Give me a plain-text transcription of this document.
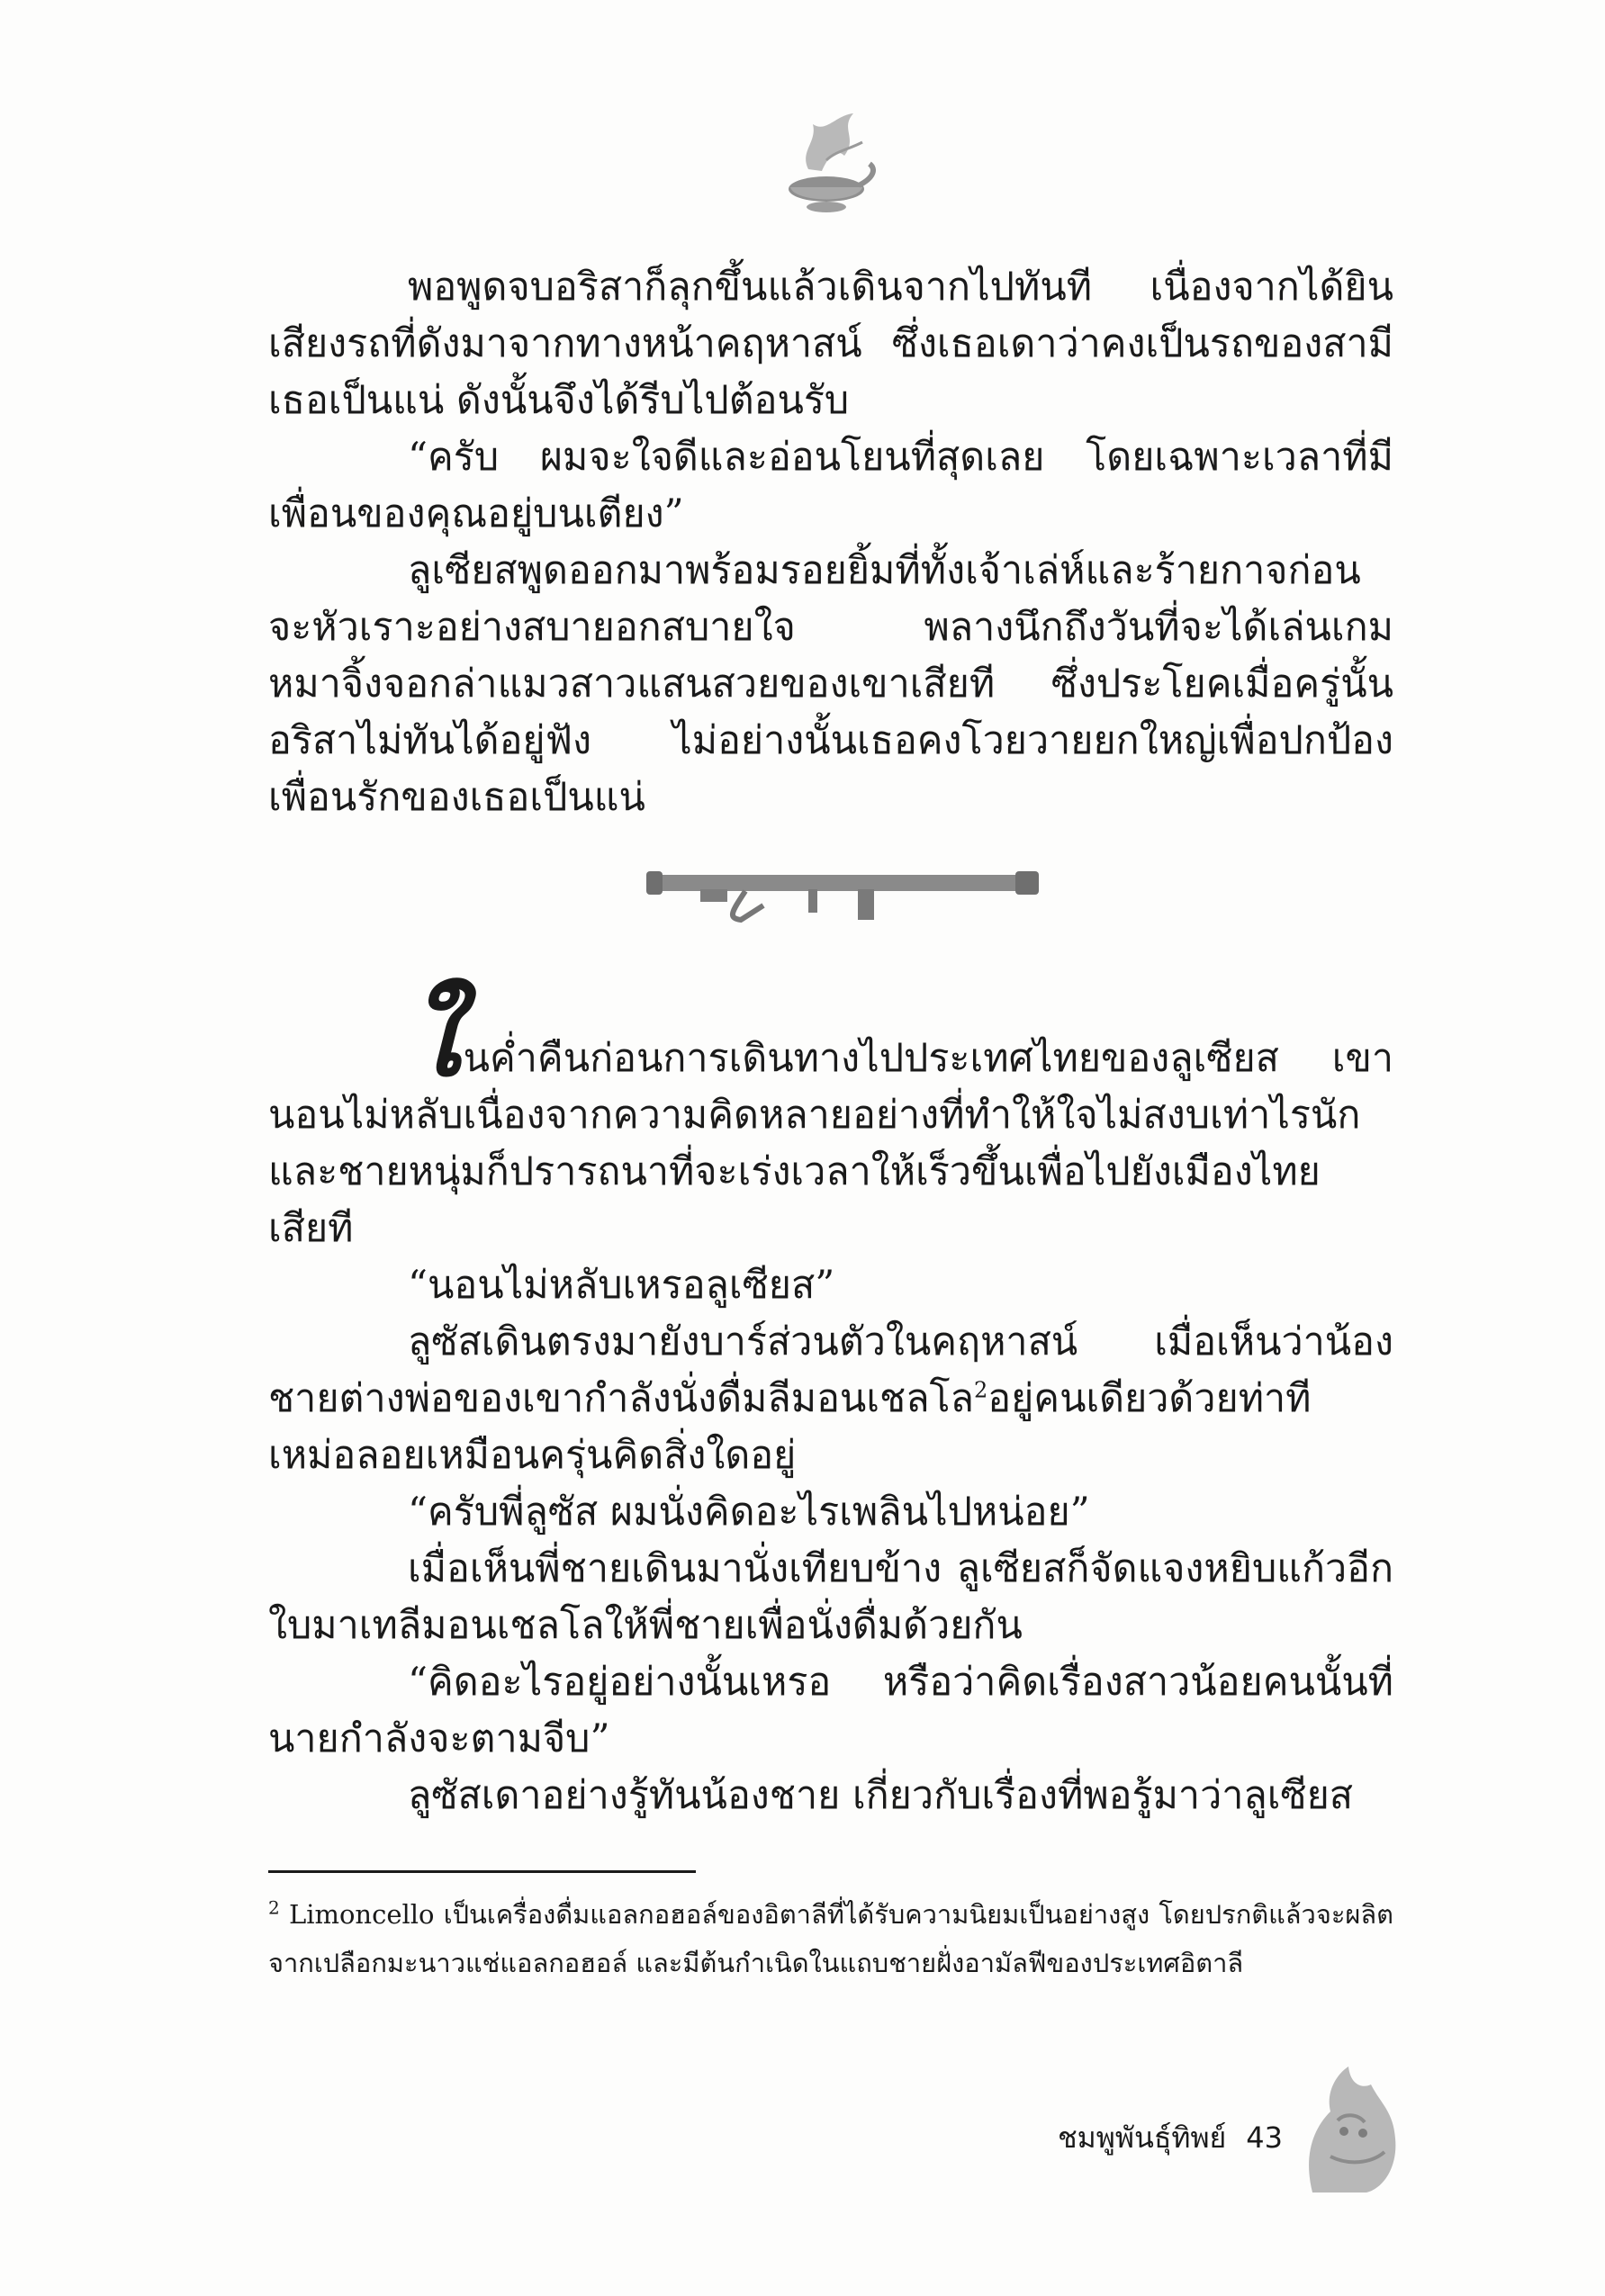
พอพูดจบอริสาก็ลุกขึ้นแล้วเดินจากไปทันที เนื่องจากได้ยินเสียงรถที่ดังมาจากทางหน้าคฤหาสน์ ซึ่งเธอเดาว่าคงเป็นรถของสามีเธอเป็นแน่ ดังนั้นจึงได้รีบไปต้อนรับ

“ครับ ผมจะใจดีและอ่อนโยนที่สุดเลย โดยเฉพาะเวลาที่มีเพื่อนของคุณอยู่บนเตียง”

ลูเซียสพูดออกมาพร้อมรอยยิ้มที่ทั้งเจ้าเล่ห์และร้ายกาจก่อนจะหัวเราะอย่างสบายอกสบายใจ พลางนึกถึงวันที่จะได้เล่นเกมหมาจิ้งจอกล่าแมวสาวแสนสวยของเขาเสียที ซึ่งประโยคเมื่อครู่นั้นอริสาไม่ทันได้อยู่ฟัง ไม่อย่างนั้นเธอคงโวยวายยกใหญ่เพื่อปกป้องเพื่อนรักของเธอเป็นแน่

ในค่ำคืนก่อนการเดินทางไปประเทศไทยของลูเซียส เขานอนไม่หลับเนื่องจากความคิดหลายอย่างที่ทำให้ใจไม่สงบเท่าไรนักและชายหนุ่มก็ปรารถนาที่จะเร่งเวลาให้เร็วขึ้นเพื่อไปยังเมืองไทยเสียที

“นอนไม่หลับเหรอลูเซียส”

ลูซัสเดินตรงมายังบาร์ส่วนตัวในคฤหาสน์ เมื่อเห็นว่าน้องชายต่างพ่อของเขากำลังนั่งดื่มลีมอนเชลโล$^2$อยู่คนเดียวด้วยท่าทีเหม่อลอยเหมือนครุ่นคิดสิ่งใดอยู่

“ครับพี่ลูซัส ผมนั่งคิดอะไรเพลินไปหน่อย”

เมื่อเห็นพี่ชายเดินมานั่งเทียบข้าง ลูเซียสก็จัดแจงหยิบแก้วอีกใบมาเทลีมอนเชลโลให้พี่ชายเพื่อนั่งดื่มด้วยกัน

“คิดอะไรอยู่อย่างนั้นเหรอ หรือว่าคิดเรื่องสาวน้อยคนนั้นที่นายกำลังจะตามจีบ”

ลูซัสเดาอย่างรู้ทันน้องชาย เกี่ยวกับเรื่องที่พอรู้มาว่าลูเซียส

$^2$ Limoncello เป็นเครื่องดื่มแอลกอฮอล์ของอิตาลีที่ได้รับความนิยมเป็นอย่างสูง โดยปรกติแล้วจะผลิตจากเปลือกมะนาวแช่แอลกอฮอล์ และมีต้นกำเนิดในแถบชายฝั่งอามัลฟีของประเทศอิตาลี
ชมพูพันธุ์ทิพย์ 43
